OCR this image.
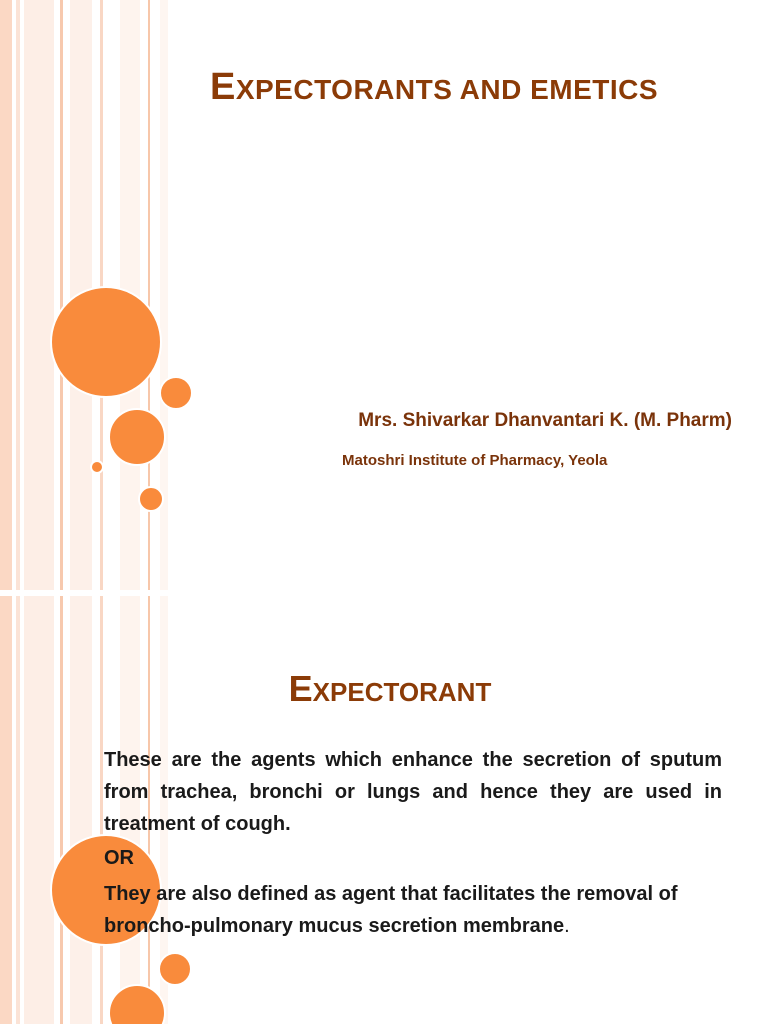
EXPECTORANTS AND EMETICS
Mrs. Shivarkar Dhanvantari K. (M. Pharm)
Matoshri Institute of Pharmacy, Yeola
EXPECTORANT
These are the agents which enhance the secretion of sputum from trachea, bronchi or lungs and hence they are used in treatment of cough.
OR
They are also defined as agent that facilitates the removal of broncho-pulmonary mucus secretion membrane.
